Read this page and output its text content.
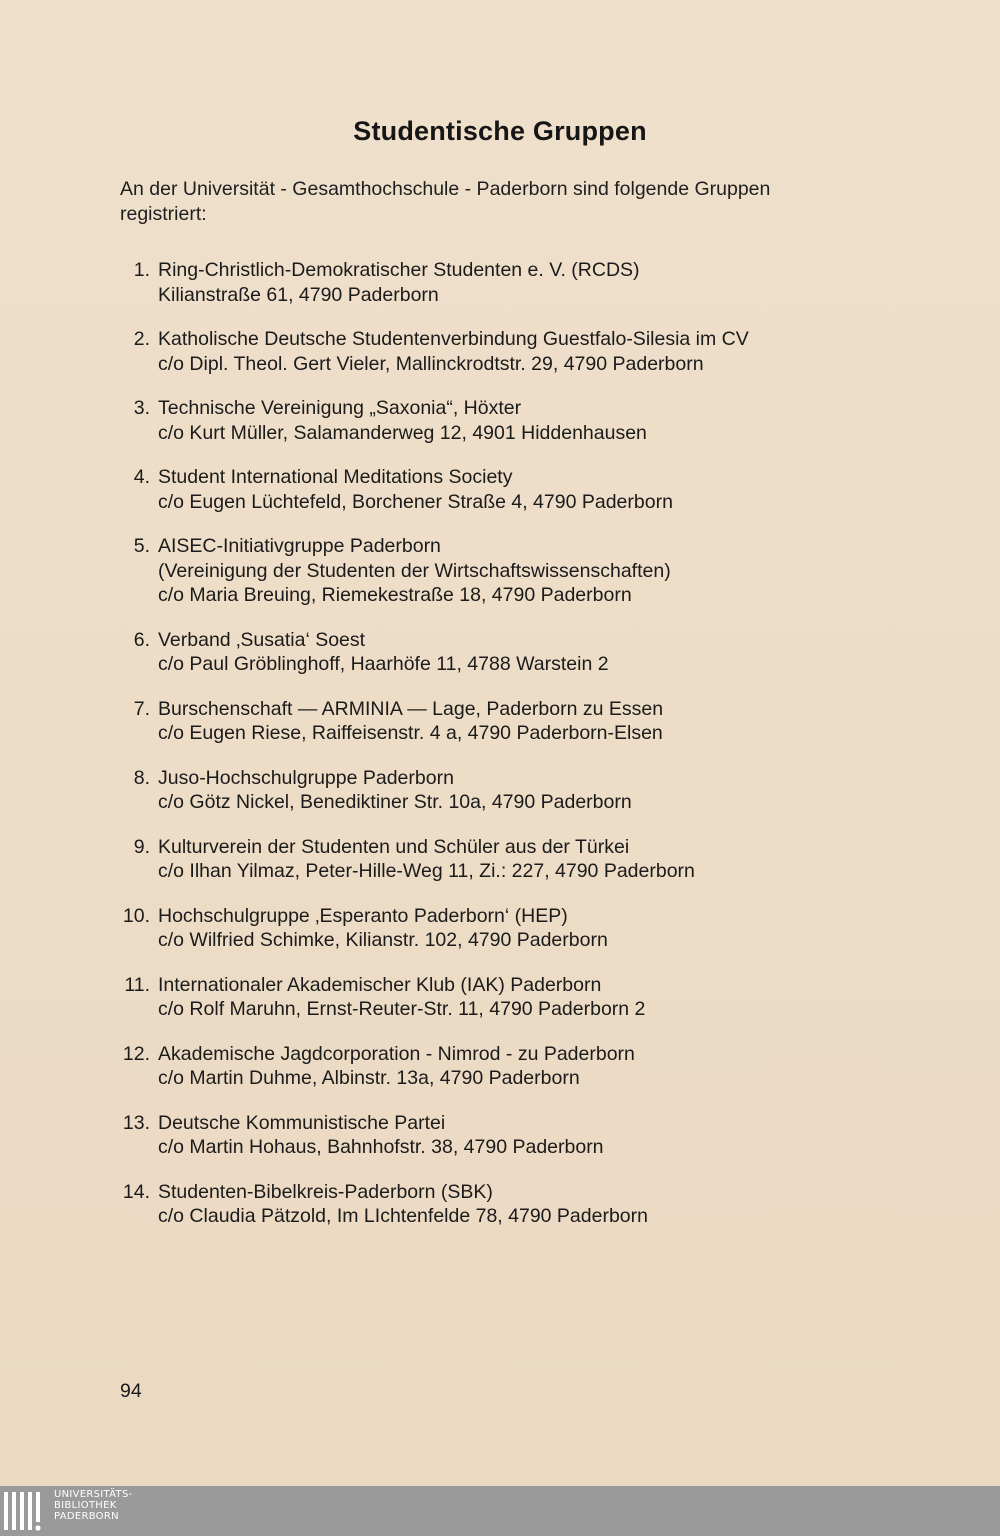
Studentische Gruppen

An der Universität - Gesamthochschule - Paderborn sind folgende Gruppen
registriert:

1. Ring-Christlich-Demokratischer Studenten e. V. (RCDS)
Kilianstraße 61, 4790 Paderborn
2. Katholische Deutsche Studentenverbindung Guestfalo-Silesia im CV
c/o Dipl. Theol. Gert Vieler, Mallinckrodtstr. 29, 4790 Paderborn
3. Technische Vereinigung „Saxonia“, Höxter
c/o Kurt Müller, Salamanderweg 12, 4901 Hiddenhausen
4. Student International Meditations Society
c/o Eugen Lüchtefeld, Borchener Straße 4, 4790 Paderborn
5. AISEC-Initiativgruppe Paderborn
(Vereinigung der Studenten der Wirtschaftswissenschaften)
c/o Maria Breuing, Riemekestraße 18, 4790 Paderborn
6. Verband ‚Susatia‘ Soest
c/o Paul Gröblinghoff, Haarhöfe 11, 4788 Warstein 2
7. Burschenschaft — ARMINIA — Lage, Paderborn zu Essen
c/o Eugen Riese, Raiffeisenstr. 4 a, 4790 Paderborn-Elsen
8. Juso-Hochschulgruppe Paderborn
c/o Götz Nickel, Benediktiner Str. 10a, 4790 Paderborn
9. Kulturverein der Studenten und Schüler aus der Türkei
c/o Ilhan Yilmaz, Peter-Hille-Weg 11, Zi.: 227, 4790 Paderborn
10. Hochschulgruppe ‚Esperanto Paderborn‘ (HEP)
c/o Wilfried Schimke, Kilianstr. 102, 4790 Paderborn
11. Internationaler Akademischer Klub (IAK) Paderborn
c/o Rolf Maruhn, Ernst-Reuter-Str. 11, 4790 Paderborn 2
12. Akademische Jagdcorporation - Nimrod - zu Paderborn
c/o Martin Duhme, Albinstr. 13a, 4790 Paderborn
13. Deutsche Kommunistische Partei
c/o Martin Hohaus, Bahnhofstr. 38, 4790 Paderborn
14. Studenten-Bibelkreis-Paderborn (SBK)
c/o Claudia Pätzold, Im LIchtenfelde 78, 4790 Paderborn

94

UNIVERSITÄTS-
BIBLIOTHEK
PADERBORN
